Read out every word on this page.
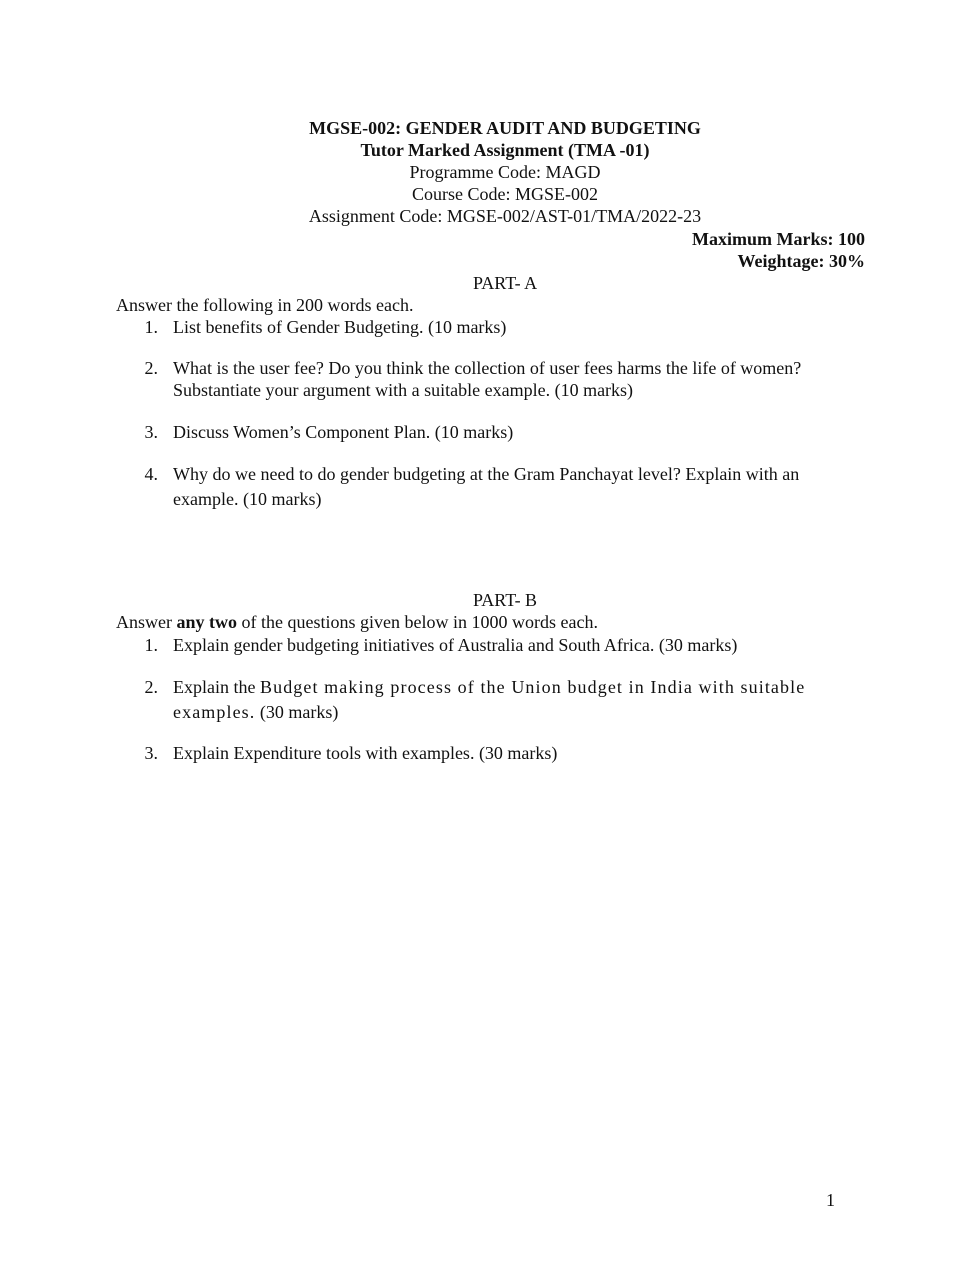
MGSE-002: GENDER AUDIT AND BUDGETING
Tutor Marked Assignment (TMA -01)
Programme Code: MAGD
Course Code: MGSE-002
Assignment Code: MGSE-002/AST-01/TMA/2022-23
Maximum Marks: 100
Weightage: 30%
PART- A
Answer the following in 200 words each.
1. List benefits of Gender Budgeting. (10 marks)
2. What is the user fee? Do you think the collection of user fees harms the life of women?
Substantiate your argument with a suitable example. (10 marks)
3. Discuss Women’s Component Plan. (10 marks)
4. Why do we need to do gender budgeting at the Gram Panchayat level? Explain with an
example. (10 marks)
PART- B
Answer any two of the questions given below in 1000 words each.
1. Explain gender budgeting initiatives of Australia and South Africa. (30 marks)
2. Explain the Budget making process of the Union budget in India with suitable
examples. (30 marks)
3. Explain Expenditure tools with examples. (30 marks)
1
